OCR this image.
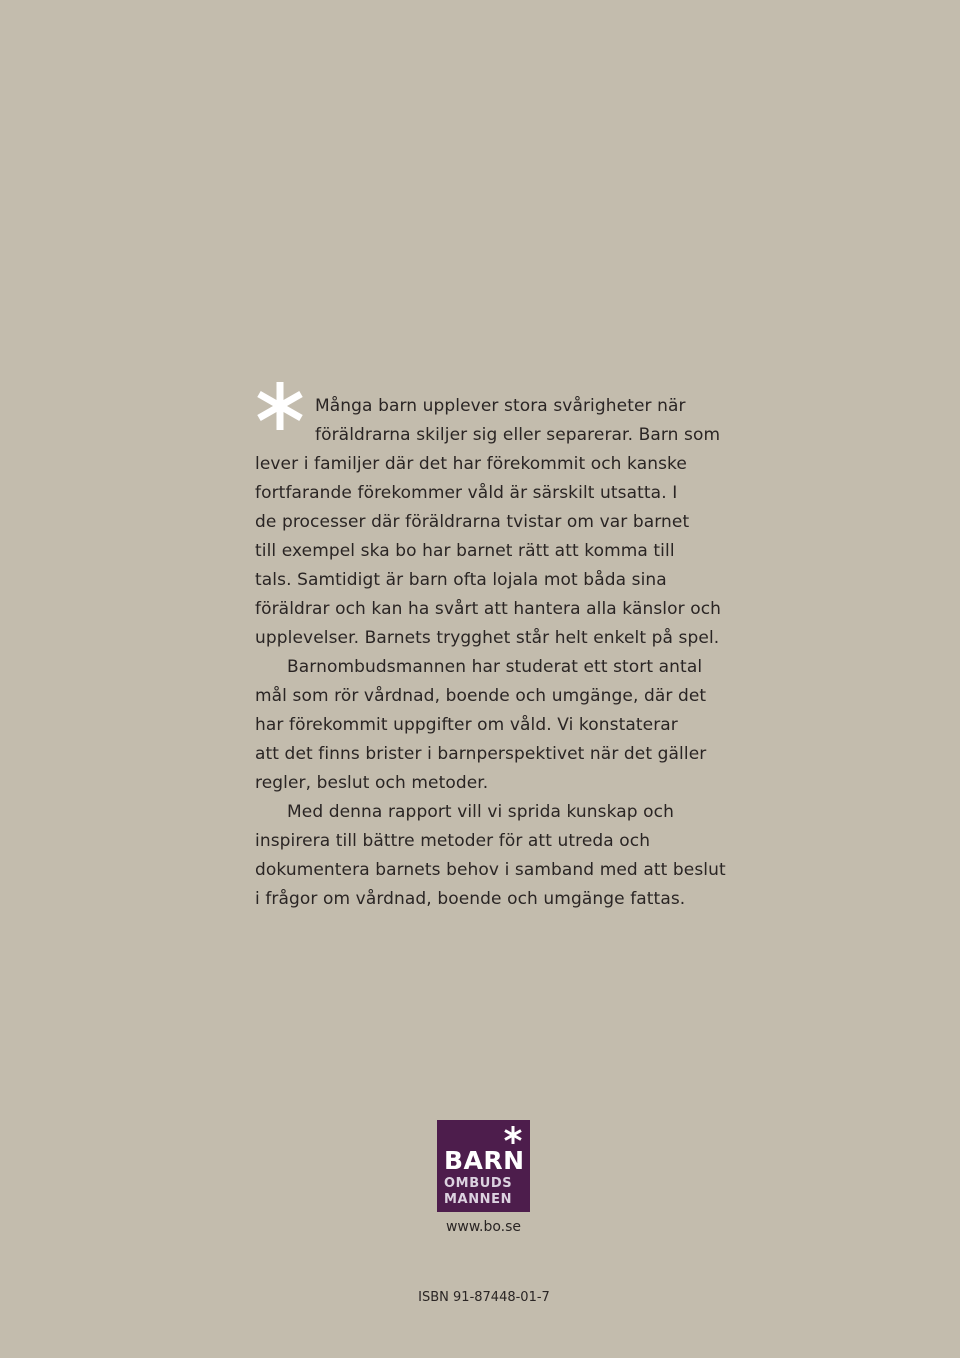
Många barn upplever stora svårigheter när
föräldrarna skiljer sig eller separerar. Barn som
lever i familjer där det har förekommit och kanske
fortfarande förekommer våld är särskilt utsatta. I
de processer där föräldrarna tvistar om var barnet
till exempel ska bo har barnet rätt att komma till
tals. Samtidigt är barn ofta lojala mot båda sina
föräldrar och kan ha svårt att hantera alla känslor och
upplevelser. Barnets trygghet står helt enkelt på spel.
Barnombudsmannen har studerat ett stort antal
mål som rör vårdnad, boende och umgänge, där det
har förekommit uppgifter om våld. Vi konstaterar
att det finns brister i barnperspektivet när det gäller
regler, beslut och metoder.
Med denna rapport vill vi sprida kunskap och
inspirera till bättre metoder för att utreda och
dokumentera barnets behov i samband med att beslut
i frågor om vårdnad, boende och umgänge fattas.
BARN
OMBUDS
MANNEN
www.bo.se
ISBN 91-87448-01-7
